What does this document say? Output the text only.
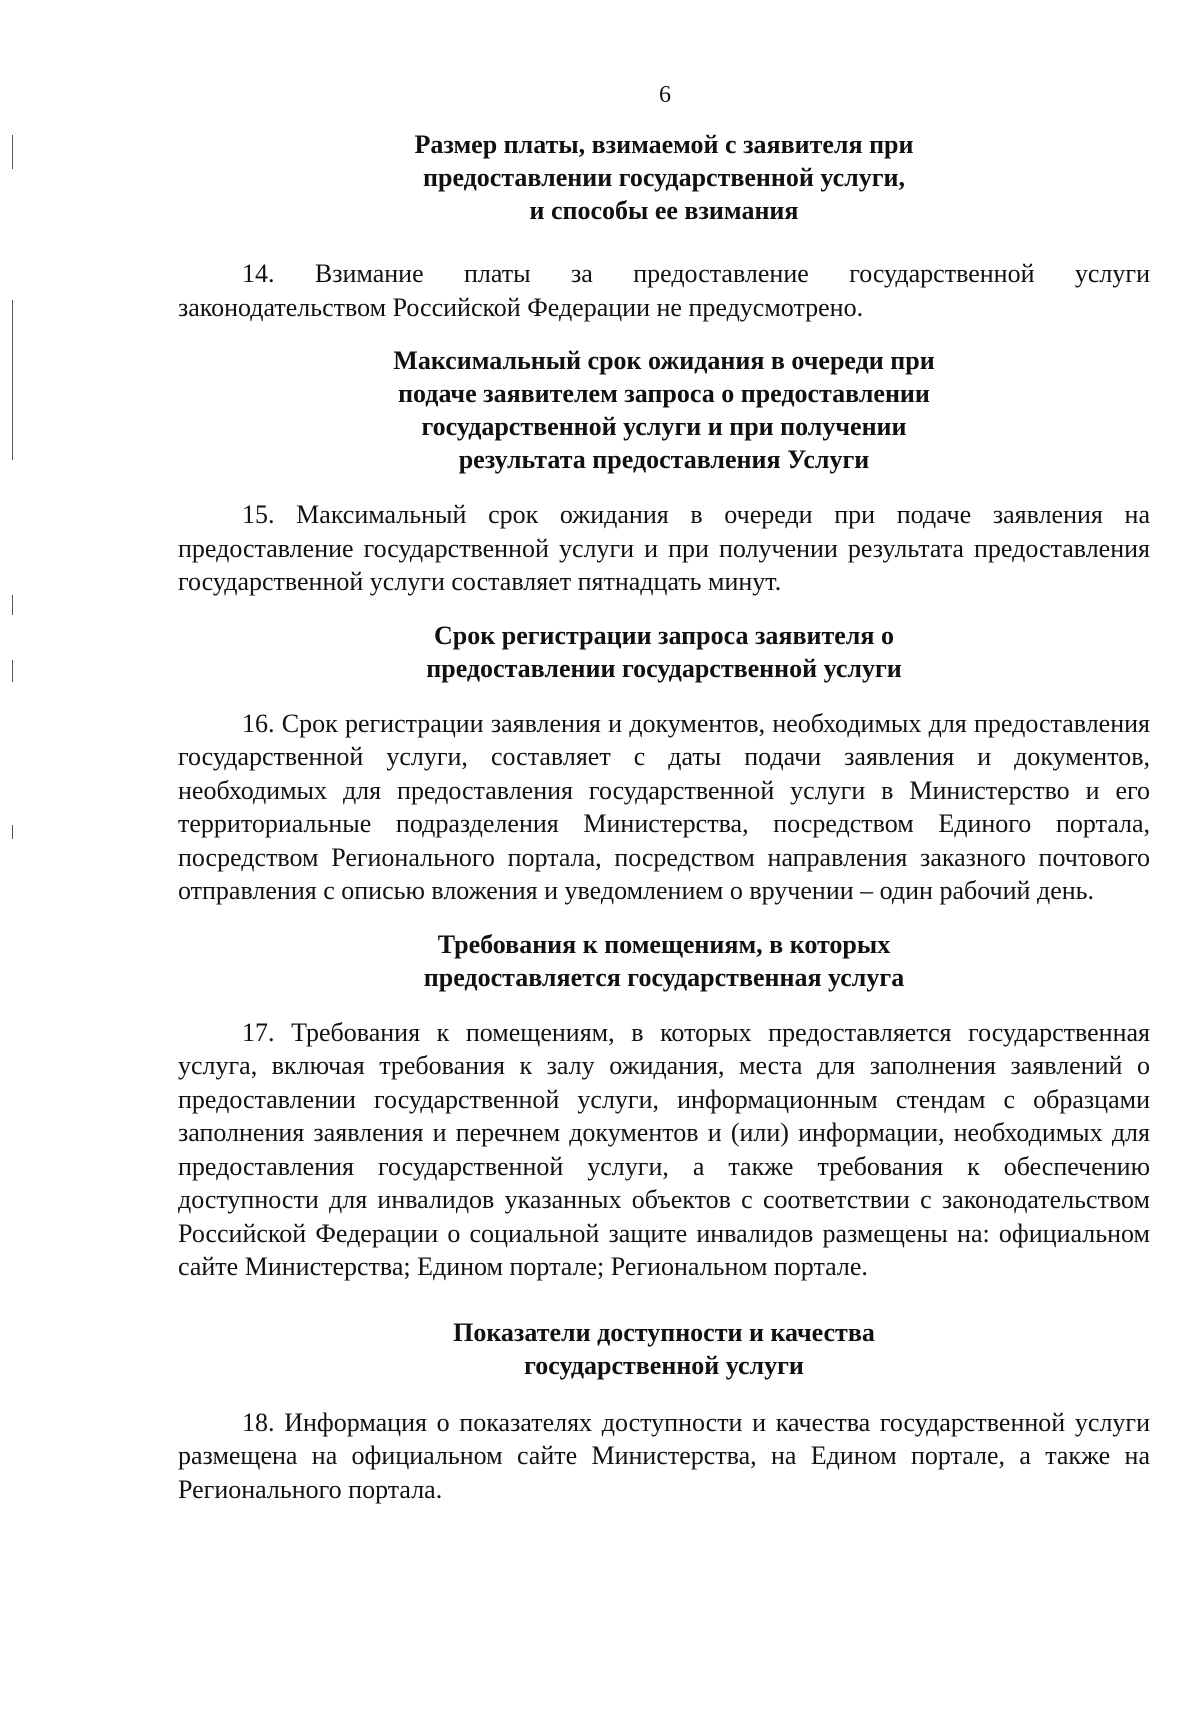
6
Размер платы, взимаемой с заявителя при
предоставлении государственной услуги,
и способы ее взимания

14. Взимание платы за предоставление государственной услуги законодательством Российской Федерации не предусмотрено.

Максимальный срок ожидания в очереди при
подаче заявителем запроса о предоставлении
государственной услуги и при получении
результата предоставления Услуги

15. Максимальный срок ожидания в очереди при подаче заявления на предоставление государственной услуги и при получении результата предоставления государственной услуги составляет пятнадцать минут.

Срок регистрации запроса заявителя о
предоставлении государственной услуги

16. Срок регистрации заявления и документов, необходимых для предоставления государственной услуги, составляет с даты подачи заявления и документов, необходимых для предоставления государственной услуги в Министерство и его территориальные подразделения Министерства, посредством Единого портала, посредством Регионального портала, посредством направления заказного почтового отправления с описью вложения и уведомлением о вручении – один рабочий день.

Требования к помещениям, в которых
предоставляется государственная услуга

17. Требования к помещениям, в которых предоставляется государственная услуга, включая требования к залу ожидания, места для заполнения заявлений о предоставлении государственной услуги, информационным стендам с образцами заполнения заявления и перечнем документов и (или) информации, необходимых для предоставления государственной услуги, а также требования к обеспечению доступности для инвалидов указанных объектов с соответствии с законодательством Российской Федерации о социальной защите инвалидов размещены на: официальном сайте Министерства; Едином портале; Региональном портале.

Показатели доступности и качества
государственной услуги

18. Информация о показателях доступности и качества государственной услуги размещена на официальном сайте Министерства, на Едином портале, а также на Регионального портала.
